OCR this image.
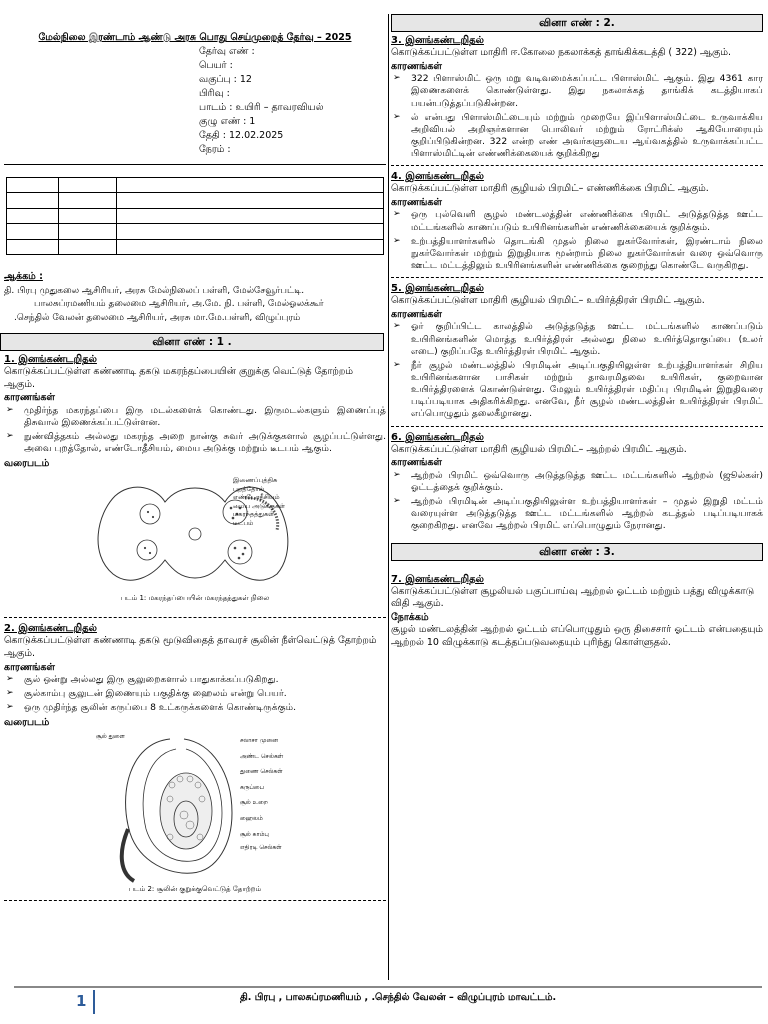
மேல்நிலை இரண்டாம் ஆண்டு அரசு பொது செய்முறைத் தேர்வு – 2025
தேர்வு எண் :
பெயர் :
வகுப்பு : 12
பிரிவு :
பாடம் : உயிரி – தாவரவியல்
குழு எண் : 1
தேதி : 12.02.2025
நேரம் :

ஆக்கம் :
தி. பிரபு முதுகலை ஆசிரியர், அரசு மேல்நிலைப் பள்ளி, மேல்சேவூர்பட்டி.
பாலசுப்ரமணியம் தலைமை ஆசிரியர், அ.மே. நி. பள்ளி, மேல்ஓலக்கூர்
.செந்தில் வேலன் தலைமை ஆசிரியர், அரசு மா.மே.பள்ளி, விழுப்புரம்
வினா எண் : 1 .
1. இனங்கண்டறிதல்
கொடுக்கப்பட்டுள்ள கண்ணாடி தகடு மகரந்தப்பையின் குறுக்கு வெட்டுத் தோற்றம் ஆகும்.
காரணங்கள்
➢ முதிர்ந்த மகரந்தப்பை இரு மடல்களைக் கொண்டது. இருமடல்களும் இணைப்புத் திசுவால் இணைக்கப்பட்டுள்ளன.
➢ நுண்வித்தகம் அல்லது மகரந்த அறை நான்கு சுவர் அடுக்குகளால் சூழப்பட்டுள்ளது. அவை புறத்தோல், எண்டோதீசியம், மைய அடுக்கு மற்றும் டீடபம் ஆகும்.
வரைபடம்
இணைப்புத்திசு
புறத்தோல்
எண்டோதீசியம்
மைய அடுக்குகள்
மகரந்தத்துகள்
டீடபம்
படம் 1: மகரந்தப்பையின் மகரந்தத்துகள் நிலை
2. இனங்கண்டறிதல்
கொடுக்கப்பட்டுள்ள கண்ணாடி தகடு மூடுவிதைத் தாவரச் சூலின் நீள்வெட்டுத் தோற்றம் ஆகும்.
காரணங்கள்
➢ சூல் ஒன்று அல்லது இரு சூலுறைகளால் பாதுகாக்கப்படுகிறது.
➢ சூல்காம்பு சூலுடன் இணையும் பகுதிக்கு ஹைலம் என்று பெயர்.
➢ ஒரு முதிர்ந்த சூலின் கருப்பை 8 உட்கருக்களைக் கொண்டிருக்கும்.
வரைபடம்
சலாசா முனை
அண்ட செல்கள்
துணை செல்கள்
கருப்பை
சூல் உறை
ஹைலம்
சூல் காம்பு
எதிரடி செல்கள்
சூல் துளை
படம் 2: சூலின் குறுக்குவெட்டுத் தோற்றம்
வினா எண் : 2.
3. இனங்கண்டறிதல்
கொடுக்கப்பட்டுள்ள மாதிரி ஈ.கோலை நகலாக்கத் தாங்கிக்கடத்தி ( 322) ஆகும்.
காரணங்கள்
➢ 322 பிளாஸ்மிட் ஒரு மறு வடிவமைக்கப்பட்ட பிளாஸ்மிட் ஆகும். இது 4361 கார இணைகளைக் கொண்டுள்ளது. இது நகலாக்கத் தாங்கிக் கடத்தியாகப் பயன்படுத்தப்படுகின்றன.
➢ ல் என்பது பிளாஸ்மிட்டையும் மற்றும் முறையே இப்பிளாஸ்மிட்டை உருவாக்கிய அறிவியல் அறிஞர்களான பொலிவர் மற்றும் ரோட்ரிக்ஸ் ஆகியோரையும் குறிப்பிடுகின்றன. 322 என்ற எண் அவர்களுடைய ஆய்வகத்தில் உருவாக்கப்பட்ட பிளாஸ்மிட்டின் எண்ணிக்கையைக் குறிக்கிறது
4. இனங்கண்டறிதல்
கொடுக்கப்பட்டுள்ள மாதிரி சூழியல் பிரமிட்– எண்ணிக்கை பிரமிட் ஆகும்.
காரணங்கள்
➢ ஒரு புல்வெளி சூழல் மண்டலத்தின் எண்ணிக்கை பிரமிட் அடுத்தடுத்த ஊட்ட மட்டங்களில் காணப்படும் உயிரினங்களின் எண்ணிக்கையைக் குறிக்கும்.
➢ உற்பத்தியாளர்களில் தொடங்கி முதல் நிலை நுகர்வோர்கள், இரண்டாம் நிலை நுகர்வோர்கள் மற்றும் இறுதியாக மூன்றாம் நிலை நுகர்வோர்கள் வரை ஒவ்வொரு ஊட்ட மட்டத்திலும் உயிரினங்களின் எண்ணிக்கை குறைந்து கொண்டே வருகிறது.
5. இனங்கண்டறிதல்
கொடுக்கப்பட்டுள்ள மாதிரி சூழியல் பிரமிட்– உயிர்த்திரள் பிரமிட் ஆகும்.
காரணங்கள்
➢ ஓர் குறிப்பிட்ட காலத்தில் அடுத்தடுத்த ஊட்ட மட்டங்களில் காணப்படும் உயிரினங்களின் மொத்த உயிர்த்திரள் அல்லது நிலை உயிர்த்தொகுப்பை (உலர் எடை) குறிப்பதே உயிர்த்திரள் பிரமிட் ஆகும்.
➢ நீர் சூழல் மண்டலத்தில் பிரமிடின் அடிப்பகுதியிலுள்ள உற்பத்தியாளர்கள் சிறிய உயிரினங்களான பாசிகள் மற்றும் தாவரமிதவை உயிரிகள், குறைவான உயிர்த்திரளைக் கொண்டுள்ளது. மேலும் உயிர்த்திரள் மதிப்பு பிரமிடின் இறுதிவரை படிப்படியாக அதிகரிக்கிறது. எனவே, நீர் சூழல் மண்டலத்தின் உயிர்த்திரள் பிரமிட் எப்பொழுதும் தலைகீழானது.
6. இனங்கண்டறிதல்
கொடுக்கப்பட்டுள்ள மாதிரி சூழியல் பிரமிட்– ஆற்றல் பிரமிட் ஆகும்.
காரணங்கள்
➢ ஆற்றல் பிரமிட் ஒவ்வொரு அடுத்தடுத்த ஊட்ட மட்டங்களில் ஆற்றல் (ஜூல்கள்) ஓட்டத்தைக் குறிக்கும்.
➢ ஆற்றல் பிரமிடின் அடிப்பகுதியிலுள்ள உற்பத்தியாளர்கள் – முதல் இறுதி மட்டம் வரையுள்ள அடுத்தடுத்த ஊட்ட மட்டங்களில் ஆற்றல் கடத்தல் படிப்படியாகக் குறைகிறது. எனவே ஆற்றல் பிரமிட் எப்பொழுதும் நேரானது.
வினா எண் : 3.
7. இனங்கண்டறிதல்
கொடுக்கப்பட்டுள்ள சூழலியல் பகுப்பாய்வு ஆற்றல் ஓட்டம் மற்றும் பத்து விழுக்காடு விதி ஆகும்.
நோக்கம்
சூழல் மண்டலத்தின் ஆற்றல் ஓட்டம் எப்பொழுதும் ஒரு திசைசார் ஓட்டம் என்பதையும் ஆற்றல் 10 விழுக்காடு கடத்தப்படுவதையும் புரிந்து கொள்ளுதல்.
1	தி. பிரபு , பாலசுப்ரமணியம் , .செந்தில் வேலன் – விழுப்புரம் மாவட்டம்.
